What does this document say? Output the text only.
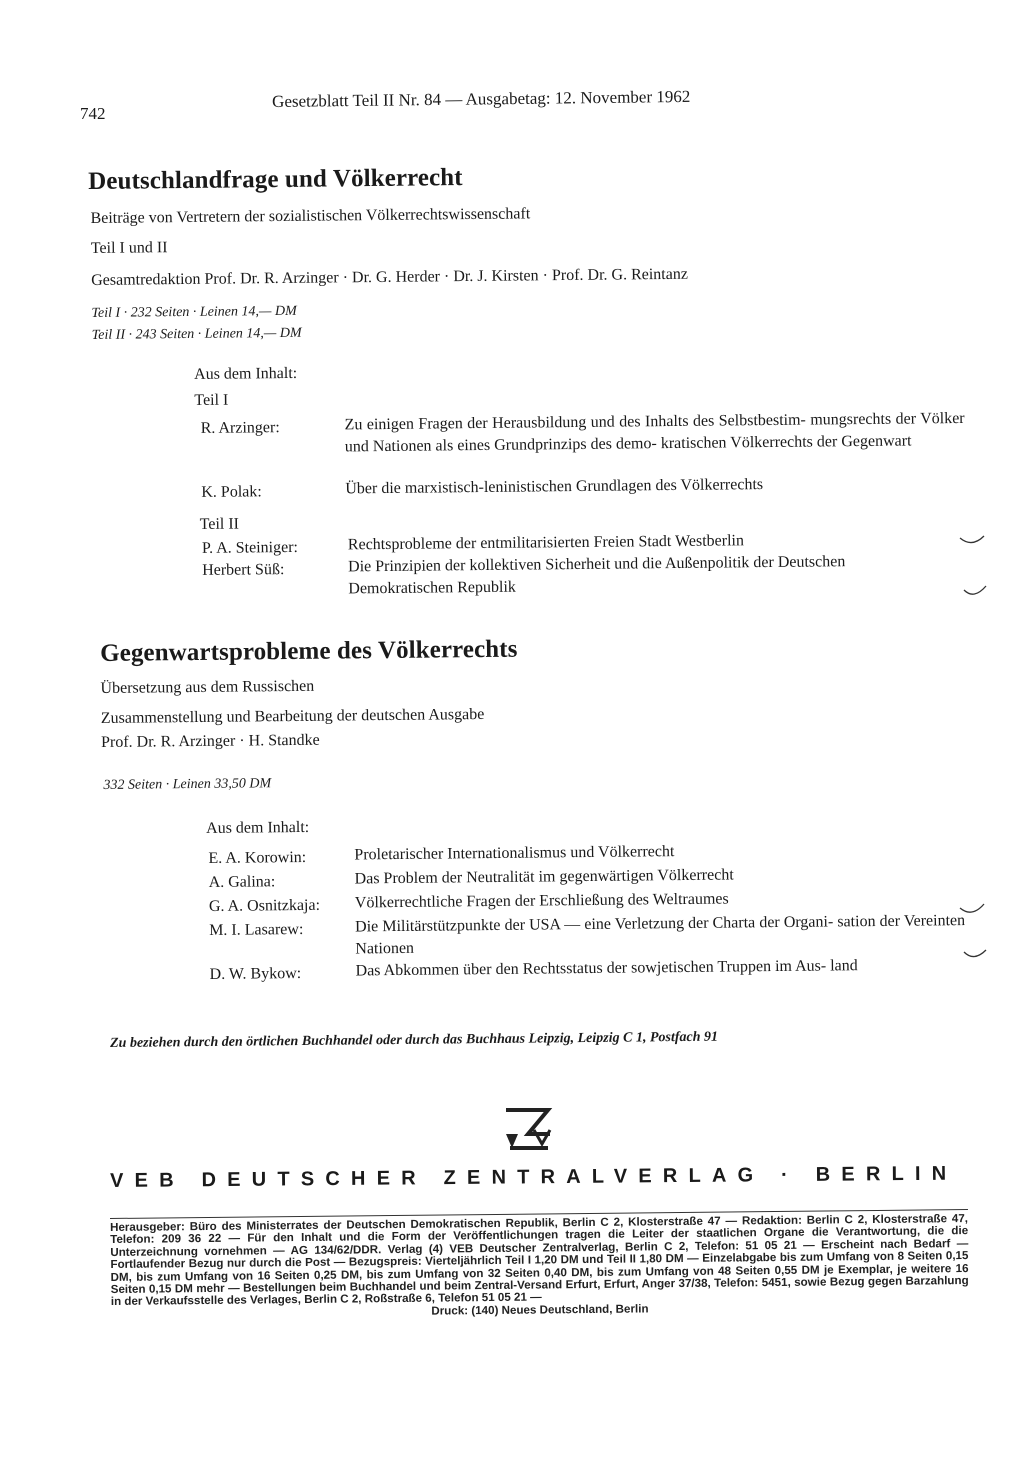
742
Gesetzblatt Teil II Nr. 84 — Ausgabetag: 12. November 1962
Deutschlandfrage und Völkerrecht
Beiträge von Vertretern der sozialistischen Völkerrechtswissenschaft
Teil I und II
Gesamtredaktion Prof. Dr. R. Arzinger · Dr. G. Herder · Dr. J. Kirsten · Prof. Dr. G. Reintanz
Teil I · 232 Seiten · Leinen 14,— DM
Teil II · 243 Seiten · Leinen 14,— DM
Aus dem Inhalt:
Teil I
R. Arzinger:	Zu einigen Fragen der Herausbildung und des Inhalts des Selbstbestim- mungsrechts der Völker und Nationen als eines Grundprinzips des demo- kratischen Völkerrechts der Gegenwart
K. Polak:	Über die marxistisch-leninistischen Grundlagen des Völkerrechts
Teil II
P. A. Steiniger:	Rechtsprobleme der entmilitarisierten Freien Stadt Westberlin
Herbert Süß:	Die Prinzipien der kollektiven Sicherheit und die Außenpolitik der Deutschen Demokratischen Republik
Gegenwartsprobleme des Völkerrechts
Übersetzung aus dem Russischen
Zusammenstellung und Bearbeitung der deutschen Ausgabe
Prof. Dr. R. Arzinger · H. Standke
332 Seiten · Leinen 33,50 DM
Aus dem Inhalt:
E. A. Korowin:	Proletarischer Internationalismus und Völkerrecht
A. Galina:	Das Problem der Neutralität im gegenwärtigen Völkerrecht
G. A. Osnitzkaja:	Völkerrechtliche Fragen der Erschließung des Weltraumes
M. I. Lasarew:	Die Militärstützpunkte der USA — eine Verletzung der Charta der Organi- sation der Vereinten Nationen
D. W. Bykow:	Das Abkommen über den Rechtsstatus der sowjetischen Truppen im Aus- land
Zu beziehen durch den örtlichen Buchhandel oder durch das Buchhaus Leipzig, Leipzig C 1, Postfach 91
VEB DEUTSCHER ZENTRALVERLAG · BERLIN
Herausgeber: Büro des Ministerrates der Deutschen Demokratischen Republik, Berlin C 2, Klosterstraße 47 — Redaktion: Berlin C 2, Klosterstraße 47, Telefon: 209 36 22 — Für den Inhalt und die Form der Veröffentlichungen tragen die Leiter der staatlichen Organe die Verantwortung, die die Unterzeichnung vornehmen — AG 134/62/DDR. Verlag (4) VEB Deutscher Zentralverlag, Berlin C 2, Telefon: 51 05 21 — Erscheint nach Bedarf — Fortlaufender Bezug nur durch die Post — Bezugspreis: Vierteljährlich Teil I 1,20 DM und Teil II 1,80 DM — Einzelabgabe bis zum Umfang von 8 Seiten 0,15 DM, bis zum Umfang von 16 Seiten 0,25 DM, bis zum Umfang von 32 Seiten 0,40 DM, bis zum Umfang von 48 Seiten 0,55 DM je Exemplar, je weitere 16 Seiten 0,15 DM mehr — Bestellungen beim Buchhandel und beim Zentral-Versand Erfurt, Erfurt, Anger 37/38, Telefon: 5451, sowie Bezug gegen Barzahlung in der Verkaufsstelle des Verlages, Berlin C 2, Roßstraße 6, Telefon 51 05 21 —
Druck: (140) Neues Deutschland, Berlin
